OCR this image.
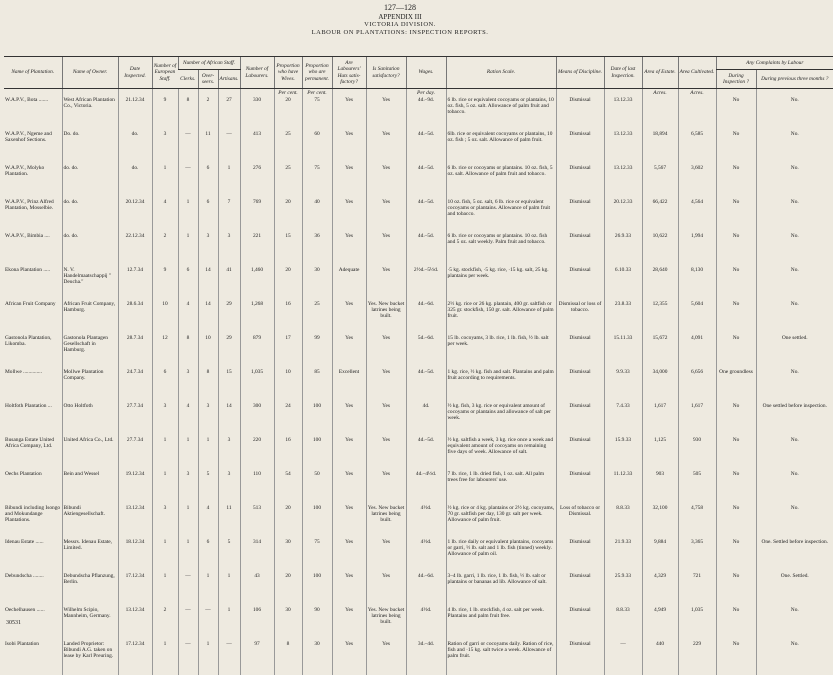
127—128
APPENDIX III
VICTORIA DIVISION.
LABOUR ON PLANTATIONS: INSPECTION REPORTS.
Name of Plantation.	Name of Owner.	Date Inspected.	Number of European Staff.	Number of African Staff.			Number of Labourers.	Proportion who have Wives.	Proportion who are permanent.	Are Labourers' Huts satis-factory?	Is Sanitation satisfactory?	Wages.	Ration Scale.	Means of Discipline.	Date of last Inspection.	Area of Estate.	Area Cultivated.	Any Complaints by Labour	
				Clerks.	Over-seers.	Artisans.												During Inspection ?	During previous three months ?
								Per cent.	Per cent.			Per day.				Acres.	Acres.		
W.A.P.V., Bota .......	West African Plantation Co., Victoria.	21.12.34	9	8	2	27	330	20	75	Yes	Yes	4d.–9d.	6 lb. rice or equivalent cocoyams or plantains, 10 oz. fish, 5 oz. salt. Allowance of palm fruit and tobacco.	Dismissal	13.12.33			No	No.
W.A.P.V., Ngeme and Saxenhof Sections.	Do. do.	do.	3	—	11	—	413	25	60	Yes	Yes	4d.–5d.	6lb. rice or equivalent cocoyams or plantains, 10 oz. fish ; 5 oz. salt. Allowance of palm fruit.	Dismissal	13.12.33	18,894	6,585	No	No.
W.A.P.V., Molyko Plantation.	do. do.	do.	1	—	6	1	276	25	75	Yes	Yes	4d.–5d.	6 lb. rice or cocoyams or plantains. 10 oz. fish, 5 oz. salt. Allowance of palm fruit and tobacco.	Dismissal	13.12.33	5,567	3,602	No	No.
W.A.P.V., Prinz Alfred Plantation, Mosselbie.	do. do.	20.12.34	4	1	6	7	769	20	40	Yes	Yes	4d.–5d.	10 oz. fish, 5 oz. salt, 6 lb. rice or equivalent cocoyams or plantains. Allowance of palm fruit and tobacco.	Dismissal	20.12.33	66,422	4,564	No	No.
W.A.P.V., Bimbia ....	do. do.	22.12.34	2	1	3	3	221	15	36	Yes	Yes	4d.–5d.	6 lb. rice or cocoyams or plantains. 10 oz. fish and 5 oz. salt weekly. Palm fruit and tobacco.	Dismissal	26.9.33	10,622	1,994	No	No.
Ekona Plantation .....	N. V. Handelmaatschappij " Deucha."	12.7.34	9	6	14	41	1,460	20	30	Adequate	Yes	2½d.–5½d.	·5 kg. stockfish, ·5 kg. rice, ·15 kg. salt, 25 kg. plantains per week.	Dismissal	6.10.33	28,640	8,130	No	No.
African Fruit Company	African Fruit Company, Hamburg.	28.6.34	10	4	14	29	1,268	16	25	Yes	Yes. New bucket latrines being built.	4d.–6d.	2½ kg. rice or 26 kg. plantain, 400 gr. saltfish or 325 gr. stockfish, 150 gr. salt. Allowance of palm fruit.	Dismissal or loss of tobacco.	23.8.33	12,355	5,604	No	No.
Gastonola Plantation, Likomba.	Gastonola Plantagen Gesellschaft in Hamburg.	28.7.34	12	8	10	29	879	17	99	Yes	Yes	5d.–6d.	15 lb. cocoyams, 3 lb. rice, 1 lb. fish, ½ lb. salt per week.	Dismissal	15.11.33	15,672	4,091	No	One settled.
Mollwe ..............	Mollwe Plantation Company.	24.7.34	6	3	8	15	1,035	10	85	Excellent	Yes	4d.–5d.	1 kg. rice, ½ kg. fish and salt. Plantains and palm fruit according to requirements.	Dismissal	9.9.33	34,000	6,656	One groundless	No.
Holtfoth Plantation ...	Otto Holtfoth	27.7.34	3	4	3	14	300	24	100	Yes	Yes	4d.	½ kg. fish, 3 kg. rice or equivalent amount of cocoyams or plantains and allowance of salt per week.	Dismissal	7.4.33	1,617	1,617	No	One settled before inspection.
Busanga Estate United Africa Company, Ltd.	United Africa Co., Ltd.	27.7.34	1	1	1	3	220	16	100	Yes	Yes	4d.–5d.	½ kg. saltfish a week, 3 kg. rice once a week and equivalent amount of cocoyams on remaining five days of week. Allowance of salt.	Dismissal	15.9.33	1,125	930	No	No.
Oechs Plantation	Bein and Wessel	19.12.34	1	3	5	3	110	54	50	Yes	Yes	4d.–4½d.	7 lb. rice, 1 lb. dried fish, 1 oz. salt. All palm trees free for labourers' use.	Dismissal	11.12.33	903	505	No	No.
Bibundi including Isongo and Mokundange Plantations.	Bibundi Aktiengesellschaft.	13.12.34	3	1	4	11	513	20	100	Yes	Yes. New bucket latrines being built.	4½d.	½ kg. rice or 4 kg. plantains or 2½ kg. cocoyams, 70 gr. saltfish per day, 130 gr. salt per week. Allowance of palm fruit.	Loss of tobacco or Dismissal.	8.8.33	32,100	4,758	No	No.
Idenau Estate ......	Messrs. Idenau Estate, Limited.	18.12.34	1	1	6	5	314	30	75	Yes	Yes	4½d.	1 lb. rice daily or equivalent plantains, cocoyams or garri, ½ lb. salt and 1 lb. fish (tinned) weekly. Allowance of palm oil.	Dismissal	21.9.33	9,884	3,365	No	One. Settled before inspection.
Debundscha ........	Debundscha Pflanzung, Berlin.	17.12.34	1	—	1	1	43	20	100	Yes	Yes	4d.–6d.	3–4 lb. garri, 1 lb. rice, 1 lb. fish, ½ lb. salt or plantains or bananas ad lib. Allowance of salt.	Dismissal	25.9.33	4,329	721	No	One. Settled.
Oechelhausen ......	Wilhelm Scipio, Mannheim, Germany.	13.12.34	2	—	—	1	106	30	90	Yes	Yes. New bucket latrines being built.	4½d.	4 lb. rice, 1 lb. stockfish, 4 oz. salt per week. Plantains and palm fruit free.	Dismissal	8.8.33	4,949	1,035	No	No.
Isobi Plantation	Landed Proprietor: Bibundi A.G. taken on lease by Karl Preuring.	17.12.34	1	—	1	—	97	8	30	Yes	Yes	3d.–4d.	Ration of garri or cocoyams daily. Ration of rice, fish and ·15 kg. salt twice a week. Allowance of palm fruit.	Dismissal	—	440	229	No	No.
30531
